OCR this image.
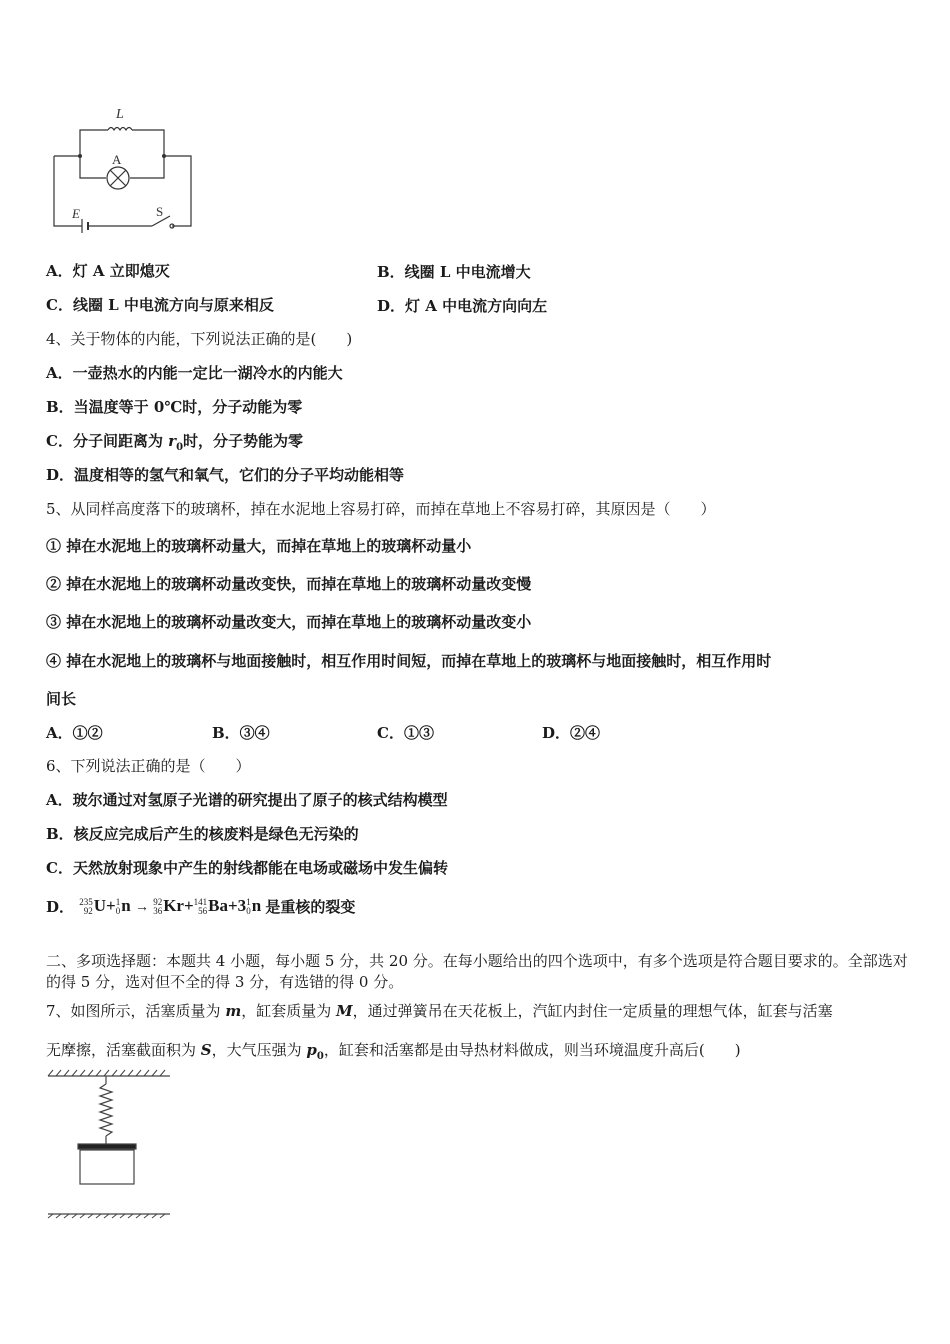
L
A
E	S
A．灯 A 立即熄灭	B．线圈 L 中电流增大
C．线圈 L 中电流方向与原来相反	D．灯 A 中电流方向向左
4、关于物体的内能，下列说法正确的是(　　)
A．一壶热水的内能一定比一湖冷水的内能大
B．当温度等于 0℃时，分子动能为零
C．分子间距离为 $r_0$时，分子势能为零
D．温度相等的氢气和氧气，它们的分子平均动能相等
5、从同样高度落下的玻璃杯，掉在水泥地上容易打碎，而掉在草地上不容易打碎，其原因是（　　）
① 掉在水泥地上的玻璃杯动量大，而掉在草地上的玻璃杯动量小
② 掉在水泥地上的玻璃杯动量改变快，而掉在草地上的玻璃杯动量改变慢
③ 掉在水泥地上的玻璃杯动量改变大，而掉在草地上的玻璃杯动量改变小
④ 掉在水泥地上的玻璃杯与地面接触时，相互作用时间短，而掉在草地上的玻璃杯与地面接触时，相互作用时
间长
A．①②	B．③④	C．①③	D．②④
6、下列说法正确的是（　　）
A．玻尔通过对氢原子光谱的研究提出了原子的核式结构模型
B．核反应完成后产生的核废料是绿色无污染的
C．天然放射现象中产生的射线都能在电场或磁场中发生偏转
D． 235
92U+1
0n → 92
36Kr+141
56Ba+31
0n 是重核的裂变
二、多项选择题：本题共 4 小题，每小题 5 分，共 20 分。在每小题给出的四个选项中，有多个选项是符合题目要求的。全部选对的得 5 分，选对但不全的得 3 分，有选错的得 0 分。
7、如图所示，活塞质量为 m，缸套质量为 M，通过弹簧吊在天花板上，汽缸内封住一定质量的理想气体，缸套与活塞
无摩擦，活塞截面积为 S，大气压强为 $p_0$，缸套和活塞都是由导热材料做成，则当环境温度升高后(　　)
